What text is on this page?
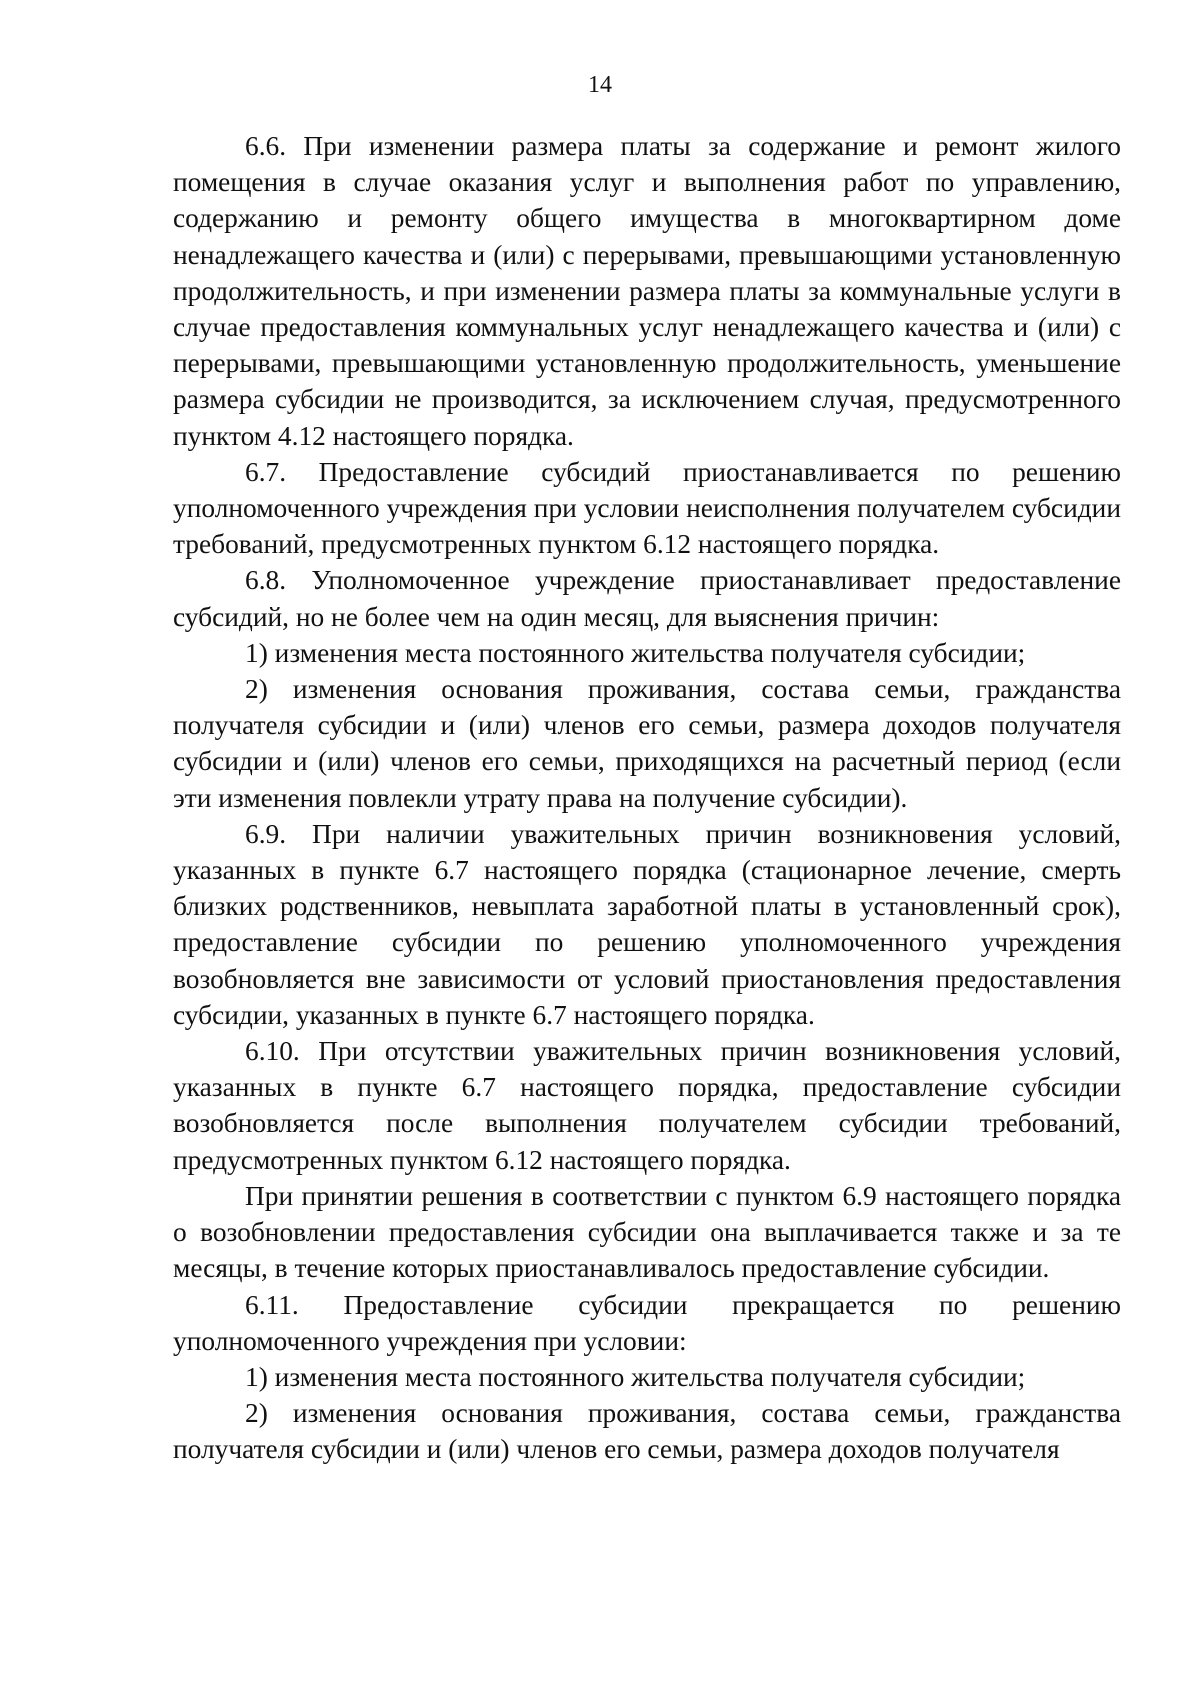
14

6.6. При изменении размера платы за содержание и ремонт жилого помещения в случае оказания услуг и выполнения работ по управлению, содержанию и ремонту общего имущества в многоквартирном доме ненадлежащего качества и (или) с перерывами, превышающими установленную продолжительность, и при изменении размера платы за коммунальные услуги в случае предоставления коммунальных услуг ненадлежащего качества и (или) с перерывами, превышающими установленную продолжительность, уменьшение размера субсидии не производится, за исключением случая, предусмотренного пунктом 4.12 настоящего порядка.

6.7. Предоставление субсидий приостанавливается по решению уполномоченного учреждения при условии неисполнения получателем субсидии требований, предусмотренных пунктом 6.12 настоящего порядка.

6.8. Уполномоченное учреждение приостанавливает предоставление субсидий, но не более чем на один месяц, для выяснения причин:

1) изменения места постоянного жительства получателя субсидии;

2) изменения основания проживания, состава семьи, гражданства получателя субсидии и (или) членов его семьи, размера доходов получателя субсидии и (или) членов его семьи, приходящихся на расчетный период (если эти изменения повлекли утрату права на получение субсидии).

6.9. При наличии уважительных причин возникновения условий, указанных в пункте 6.7 настоящего порядка (стационарное лечение, смерть близких родственников, невыплата заработной платы в установленный срок), предоставление субсидии по решению уполномоченного учреждения возобновляется вне зависимости от условий приостановления предоставления субсидии, указанных в пункте 6.7 настоящего порядка.

6.10. При отсутствии уважительных причин возникновения условий, указанных в пункте 6.7 настоящего порядка, предоставление субсидии возобновляется после выполнения получателем субсидии требований, предусмотренных пунктом 6.12 настоящего порядка.

При принятии решения в соответствии с пунктом 6.9 настоящего порядка о возобновлении предоставления субсидии она выплачивается также и за те месяцы, в течение которых приостанавливалось предоставление субсидии.

6.11. Предоставление субсидии прекращается по решению уполномоченного учреждения при условии:

1) изменения места постоянного жительства получателя субсидии;

2) изменения основания проживания, состава семьи, гражданства получателя субсидии и (или) членов его семьи, размера доходов получателя
